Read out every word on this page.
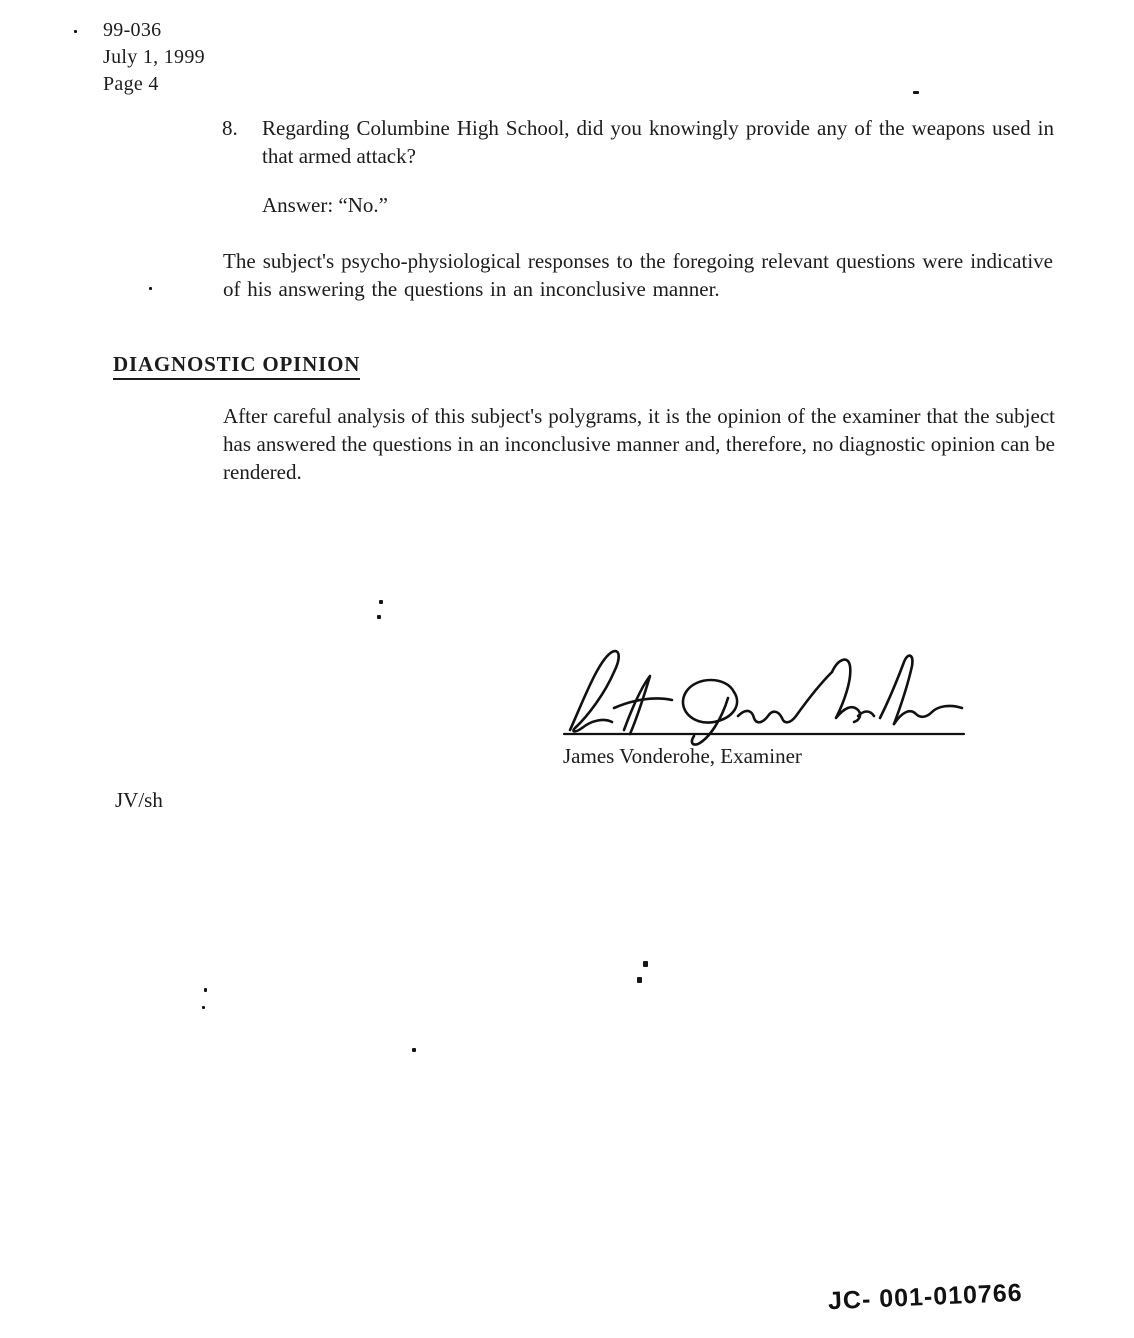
99-036
July 1, 1999
Page 4
8.	Regarding Columbine High School, did you knowingly provide any of the weapons used in that armed attack?
Answer: “No.”
The subject's psycho-physiological responses to the foregoing relevant questions were indicative of his answering the questions in an inconclusive manner.
DIAGNOSTIC OPINION
After careful analysis of this subject's polygrams, it is the opinion of the examiner that the subject has answered the questions in an inconclusive manner and, therefore, no diagnostic opinion can be rendered.
James Vonderohe, Examiner
JV/sh
JC- 001-010766
